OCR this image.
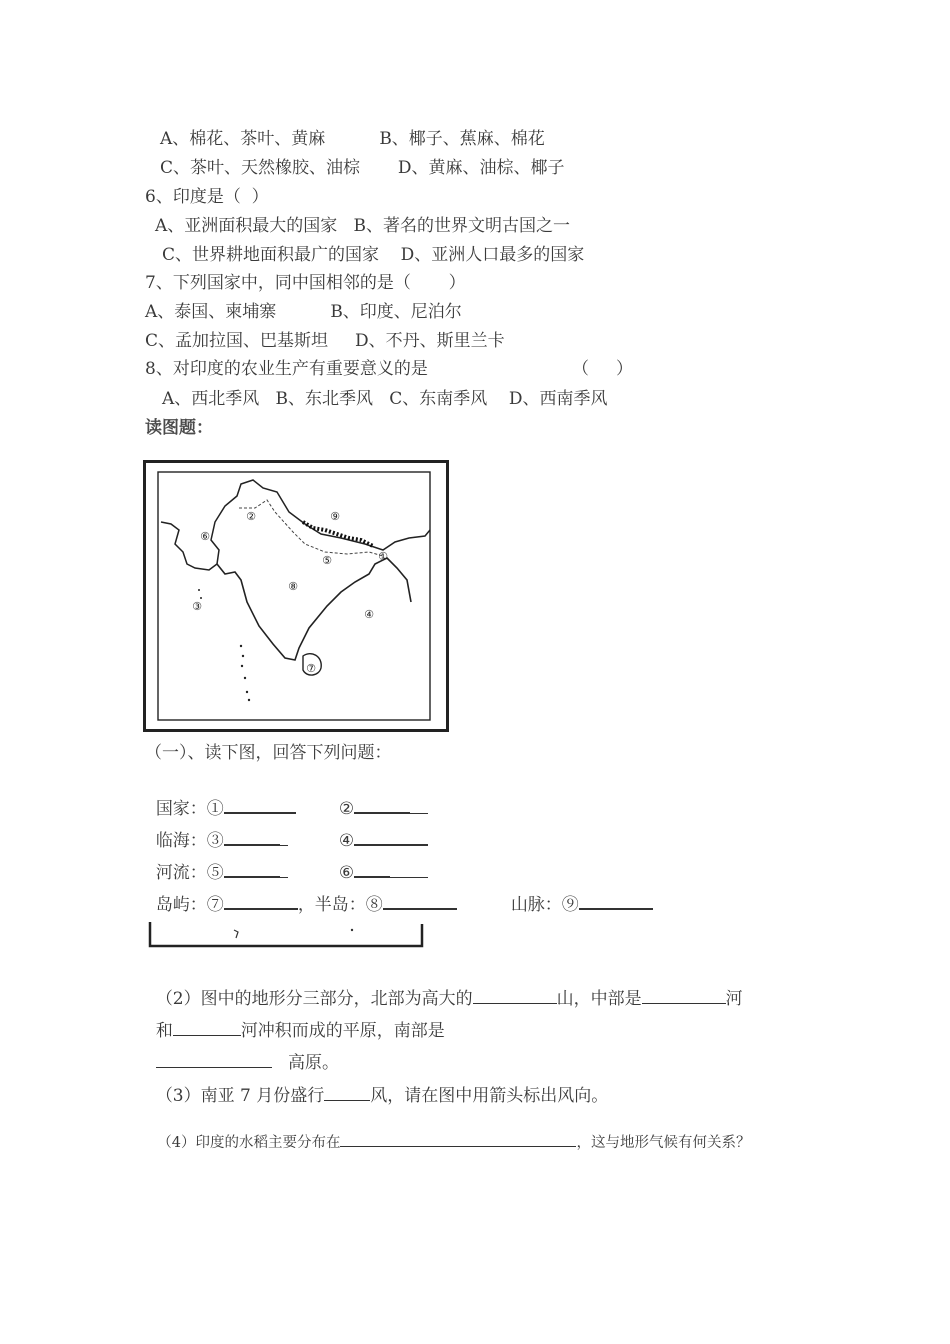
A、棉花、茶叶、黄麻          B、椰子、蕉麻、棉花
C、茶叶、天然橡胶、油棕       D、黄麻、油棕、椰子
6、印度是（  ）
A、亚洲面积最大的国家   B、著名的世界文明古国之一
C、世界耕地面积最广的国家    D、亚洲人口最多的国家
7、下列国家中，同中国相邻的是（       ）
A、泰国、柬埔寨          B、印度、尼泊尔
C、孟加拉国、巴基斯坦     D、不丹、斯里兰卡
8、对印度的农业生产有重要意义的是	（     ）
A、西北季风   B、东北季风   C、东南季风    D、西南季风
读图题：
①
②
③
④
⑤
⑥
⑦
⑧
⑨
（一）、读下图，回答下列问题：

国家：①	②

临海：③	④

河流：⑤	⑥

岛屿：⑦	，半岛：⑧	山脉：⑨

（2）图中的地形分三部分，北部为高大的	山，中部是	河

和	河冲积而成的平原，南部是

高原。

（3）南亚 7 月份盛行	风，请在图中用箭头标出风向。

（4）印度的水稻主要分布在	，这与地形气候有何关系？
